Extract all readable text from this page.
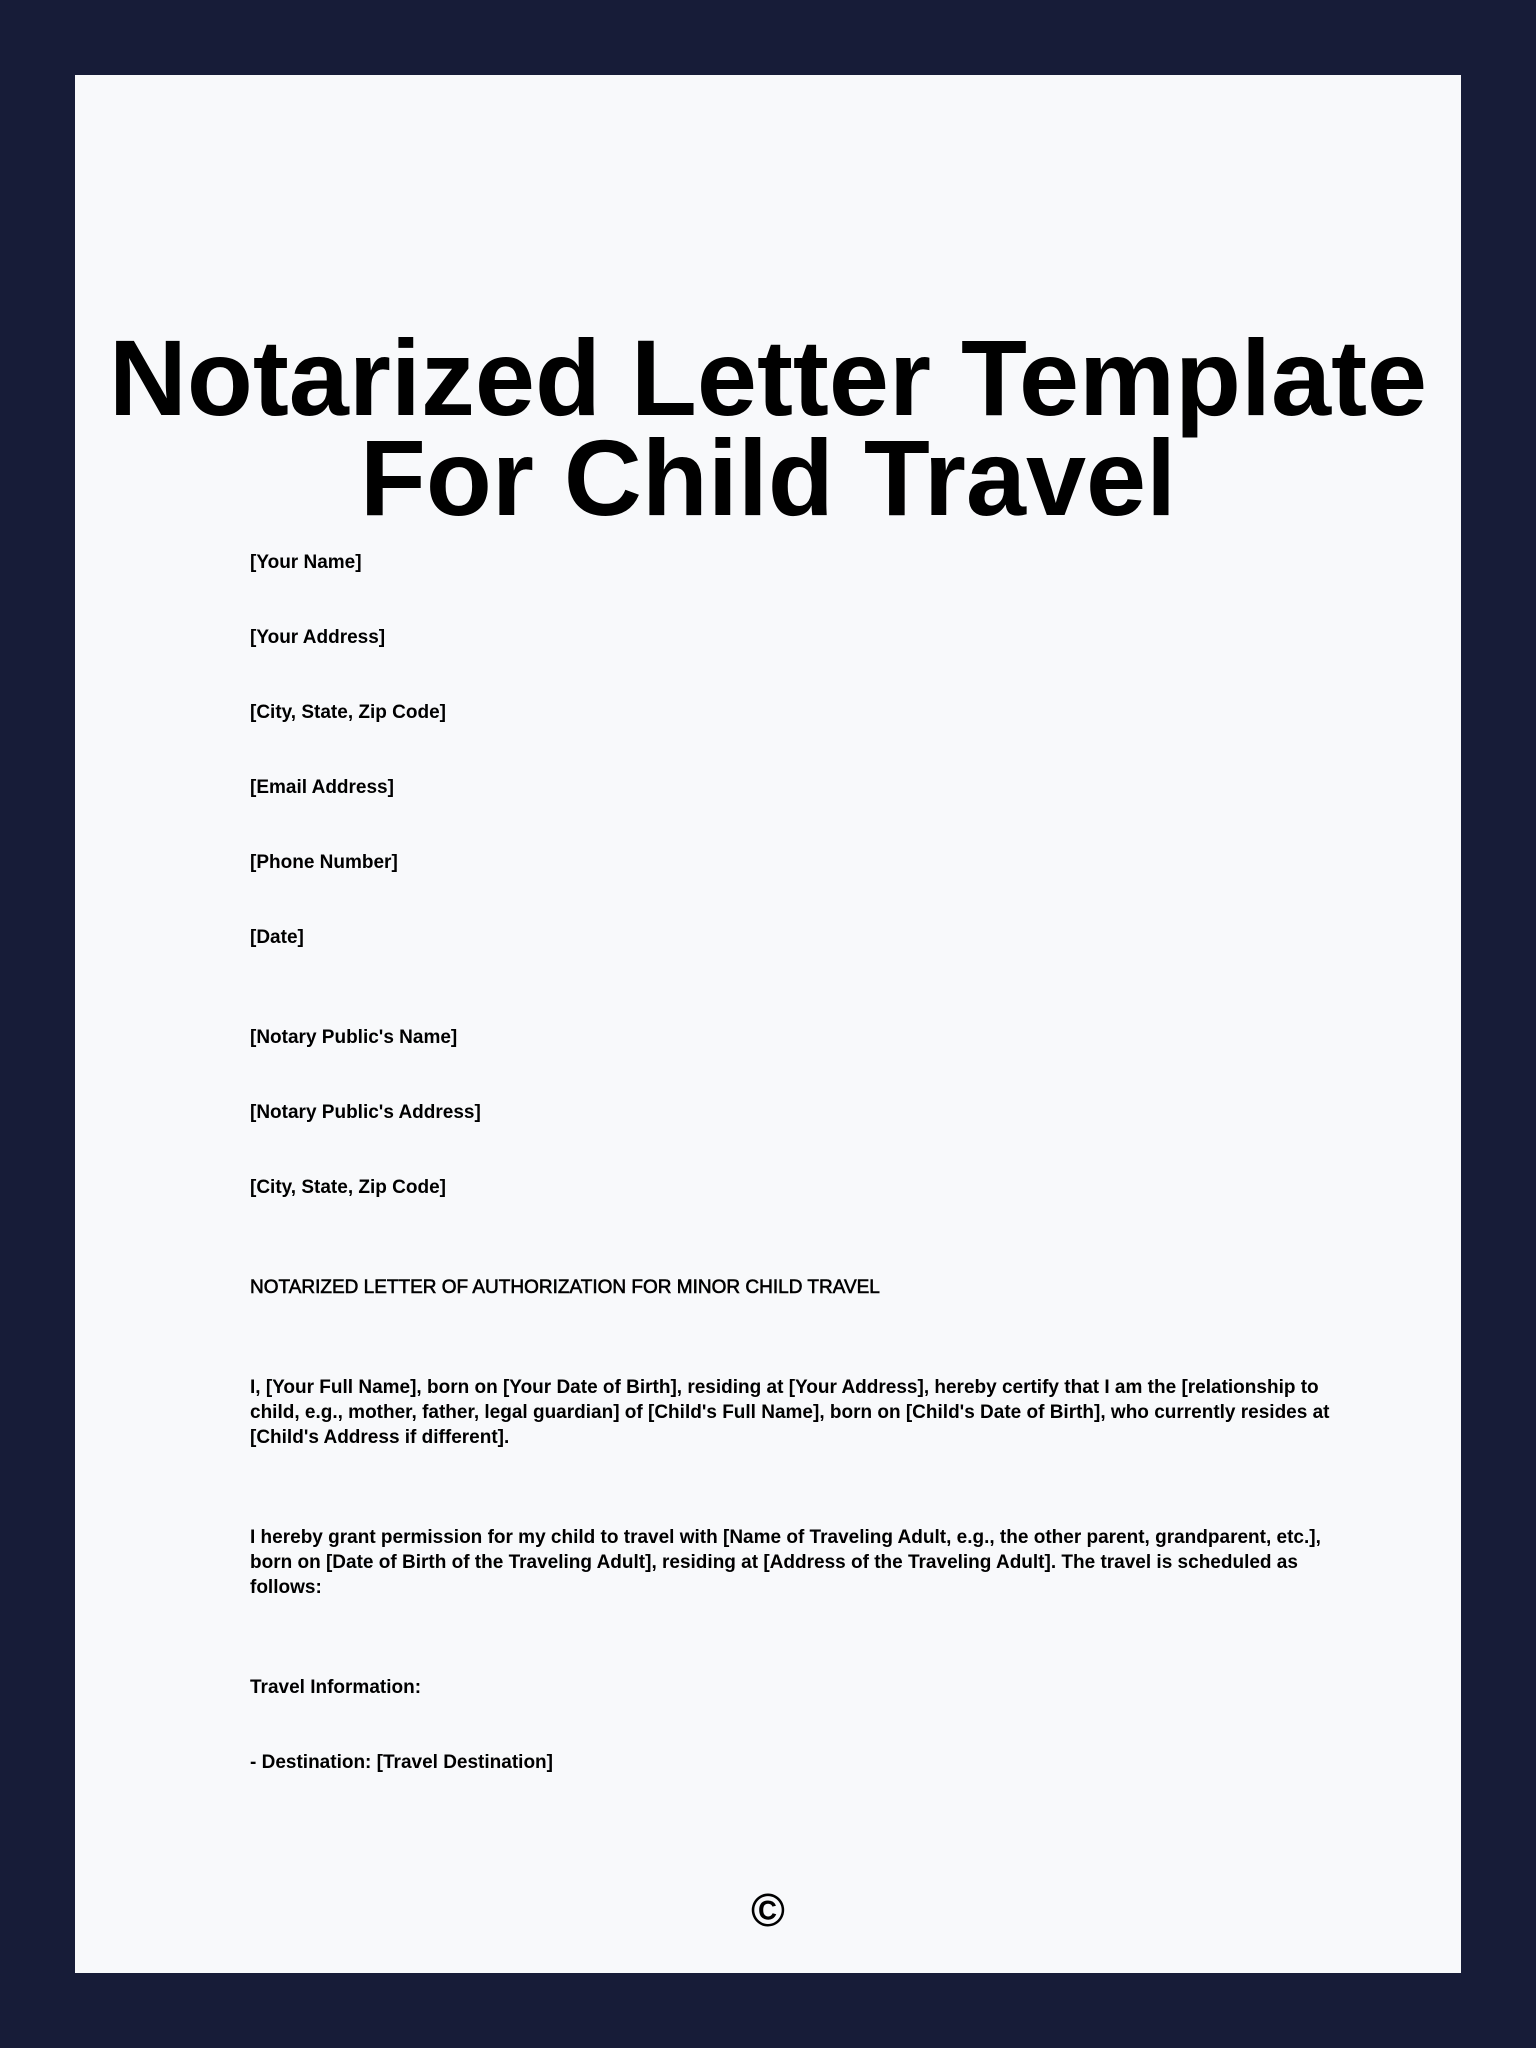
Notarized Letter Template
For Child Travel

[Your Name]

[Your Address]

[City, State, Zip Code]

[Email Address]

[Phone Number]

[Date]

[Notary Public's Name]

[Notary Public's Address]

[City, State, Zip Code]

NOTARIZED LETTER OF AUTHORIZATION FOR MINOR CHILD TRAVEL

I, [Your Full Name], born on [Your Date of Birth], residing at [Your Address], hereby certify that I am the [relationship to child, e.g., mother, father, legal guardian] of [Child's Full Name], born on [Child's Date of Birth], who currently resides at [Child's Address if different].

I hereby grant permission for my child to travel with [Name of Traveling Adult, e.g., the other parent, grandparent, etc.], born on [Date of Birth of the Traveling Adult], residing at [Address of the Traveling Adult]. The travel is scheduled as follows:

Travel Information:

- Destination: [Travel Destination]

©
